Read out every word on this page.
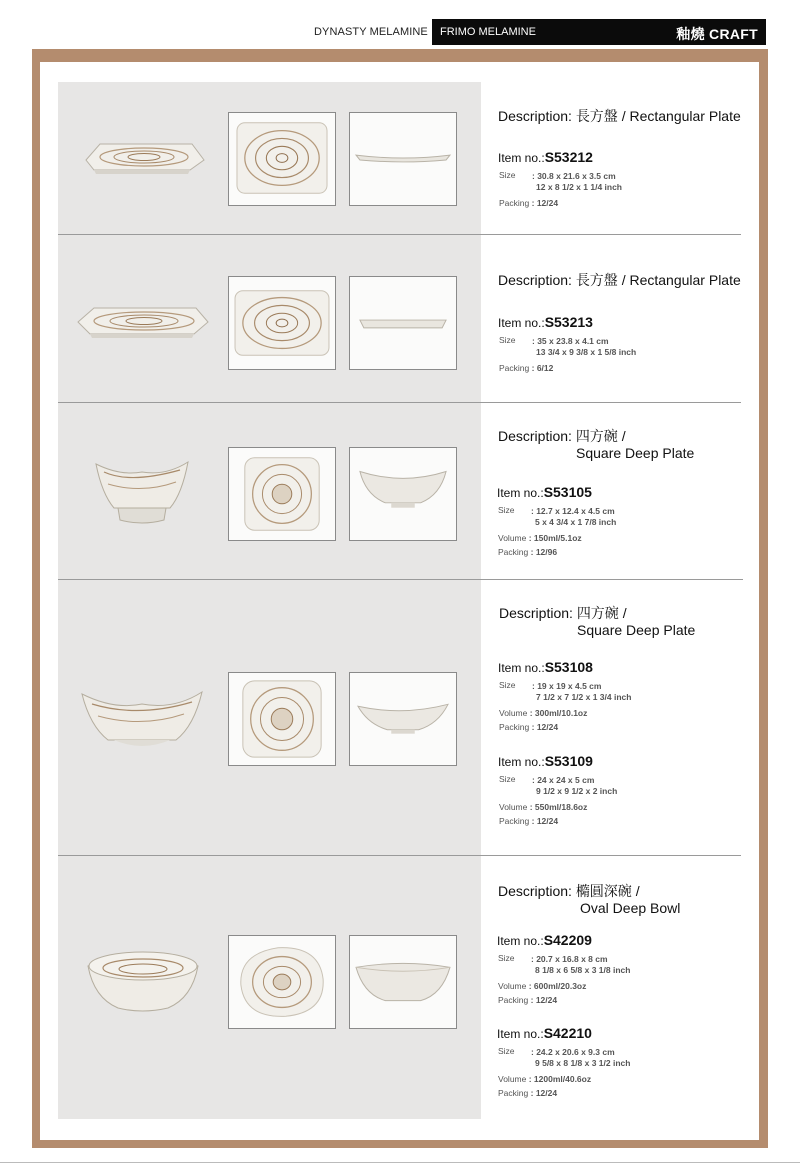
DYNASTY MELAMINE FRIMO MELAMINE	釉燒 CRAFT
Description: 長方盤 / Rectangular Plate
Item no.:S53212
Size : 30.8 x 21.6 x 3.5 cm
12 x 8 1/2 x 1 1/4 inch
Packing : 12/24
Description: 長方盤 / Rectangular Plate
Item no.:S53213
Size : 35 x 23.8 x 4.1 cm
13 3/4 x 9 3/8 x 1 5/8 inch
Packing : 6/12
Description: 四方碗 /
Square Deep Plate
Item no.:S53105
Size : 12.7 x 12.4 x 4.5 cm
5 x 4 3/4 x 1 7/8 inch
Volume : 150ml/5.1oz
Packing : 12/96
Description: 四方碗 /
Square Deep Plate
Item no.:S53108
Size : 19 x 19 x 4.5 cm
7 1/2 x 7 1/2 x 1 3/4 inch
Volume : 300ml/10.1oz
Packing : 12/24
Item no.:S53109
Size : 24 x 24 x 5 cm
9 1/2 x 9 1/2 x 2 inch
Volume : 550ml/18.6oz
Packing : 12/24
Description: 橢圓深碗 /
Oval Deep Bowl
Item no.:S42209
Size : 20.7 x 16.8 x 8 cm
8 1/8 x 6 5/8 x 3 1/8 inch
Volume : 600ml/20.3oz
Packing : 12/24
Item no.:S42210
Size : 24.2 x 20.6 x 9.3 cm
9 5/8 x 8 1/8 x 3 1/2 inch
Volume : 1200ml/40.6oz
Packing : 12/24
